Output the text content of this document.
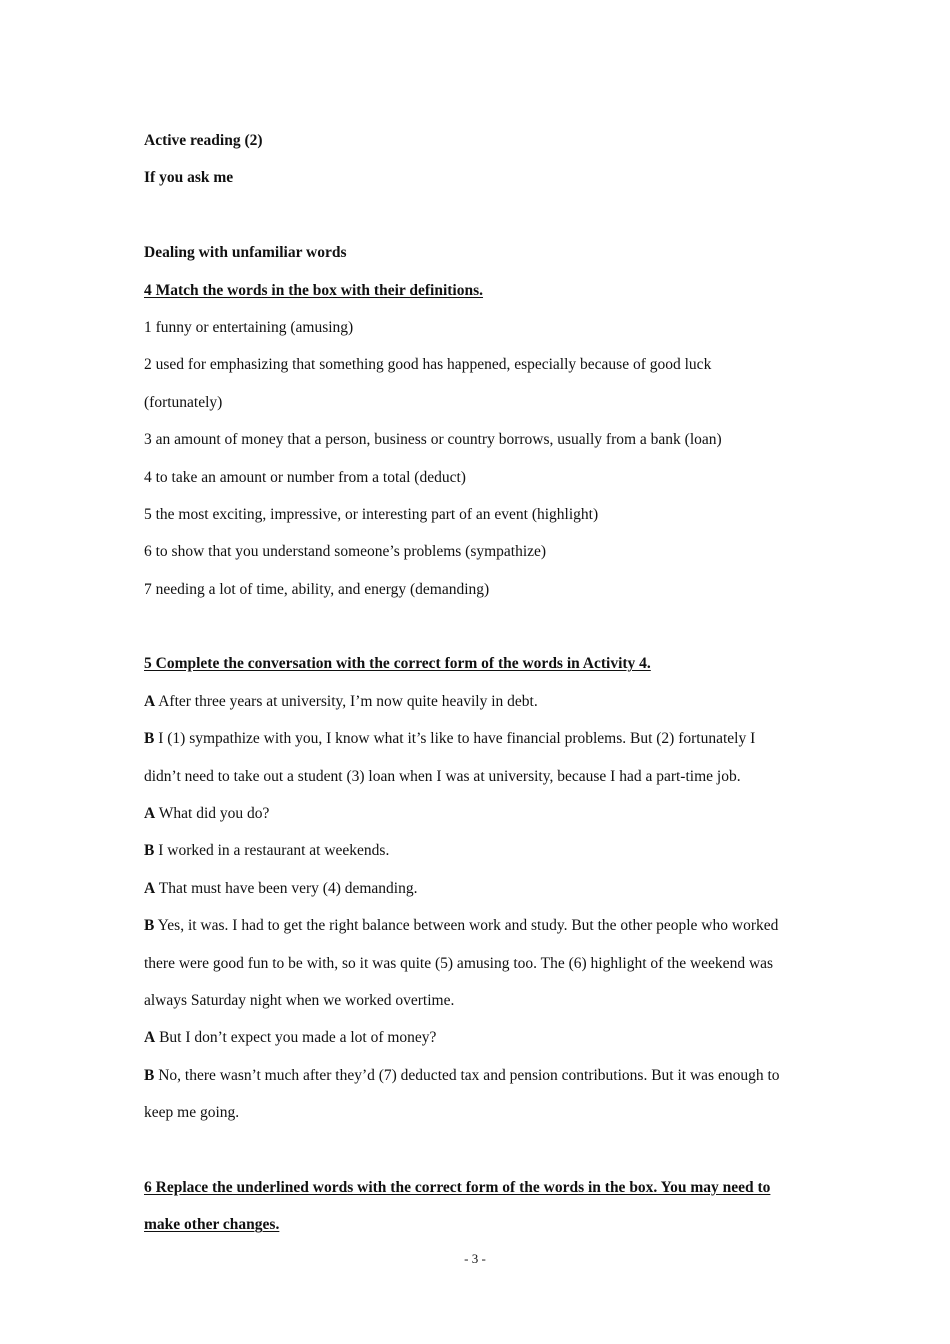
Active reading (2)
If you ask me
Dealing with unfamiliar words
4 Match the words in the box with their definitions.
1 funny or entertaining (amusing)
2 used for emphasizing that something good has happened, especially because of good luck
(fortunately)
3 an amount of money that a person, business or country borrows, usually from a bank (loan)
4 to take an amount or number from a total (deduct)
5 the most exciting, impressive, or interesting part of an event (highlight)
6 to show that you understand someone’s problems (sympathize)
7 needing a lot of time, ability, and energy (demanding)
5 Complete the conversation with the correct form of the words in Activity 4.
A After three years at university, I’m now quite heavily in debt.
B I (1) sympathize with you, I know what it’s like to have financial problems. But (2) fortunately I
didn’t need to take out a student (3) loan when I was at university, because I had a part-time job.
A What did you do?
B I worked in a restaurant at weekends.
A That must have been very (4) demanding.
B Yes, it was. I had to get the right balance between work and study. But the other people who worked
there were good fun to be with, so it was quite (5) amusing too. The (6) highlight of the weekend was
always Saturday night when we worked overtime.
A But I don’t expect you made a lot of money?
B No, there wasn’t much after they’d (7) deducted tax and pension contributions. But it was enough to
keep me going.
6 Replace the underlined words with the correct form of the words in the box. You may need to
make other changes.
- 3 -
